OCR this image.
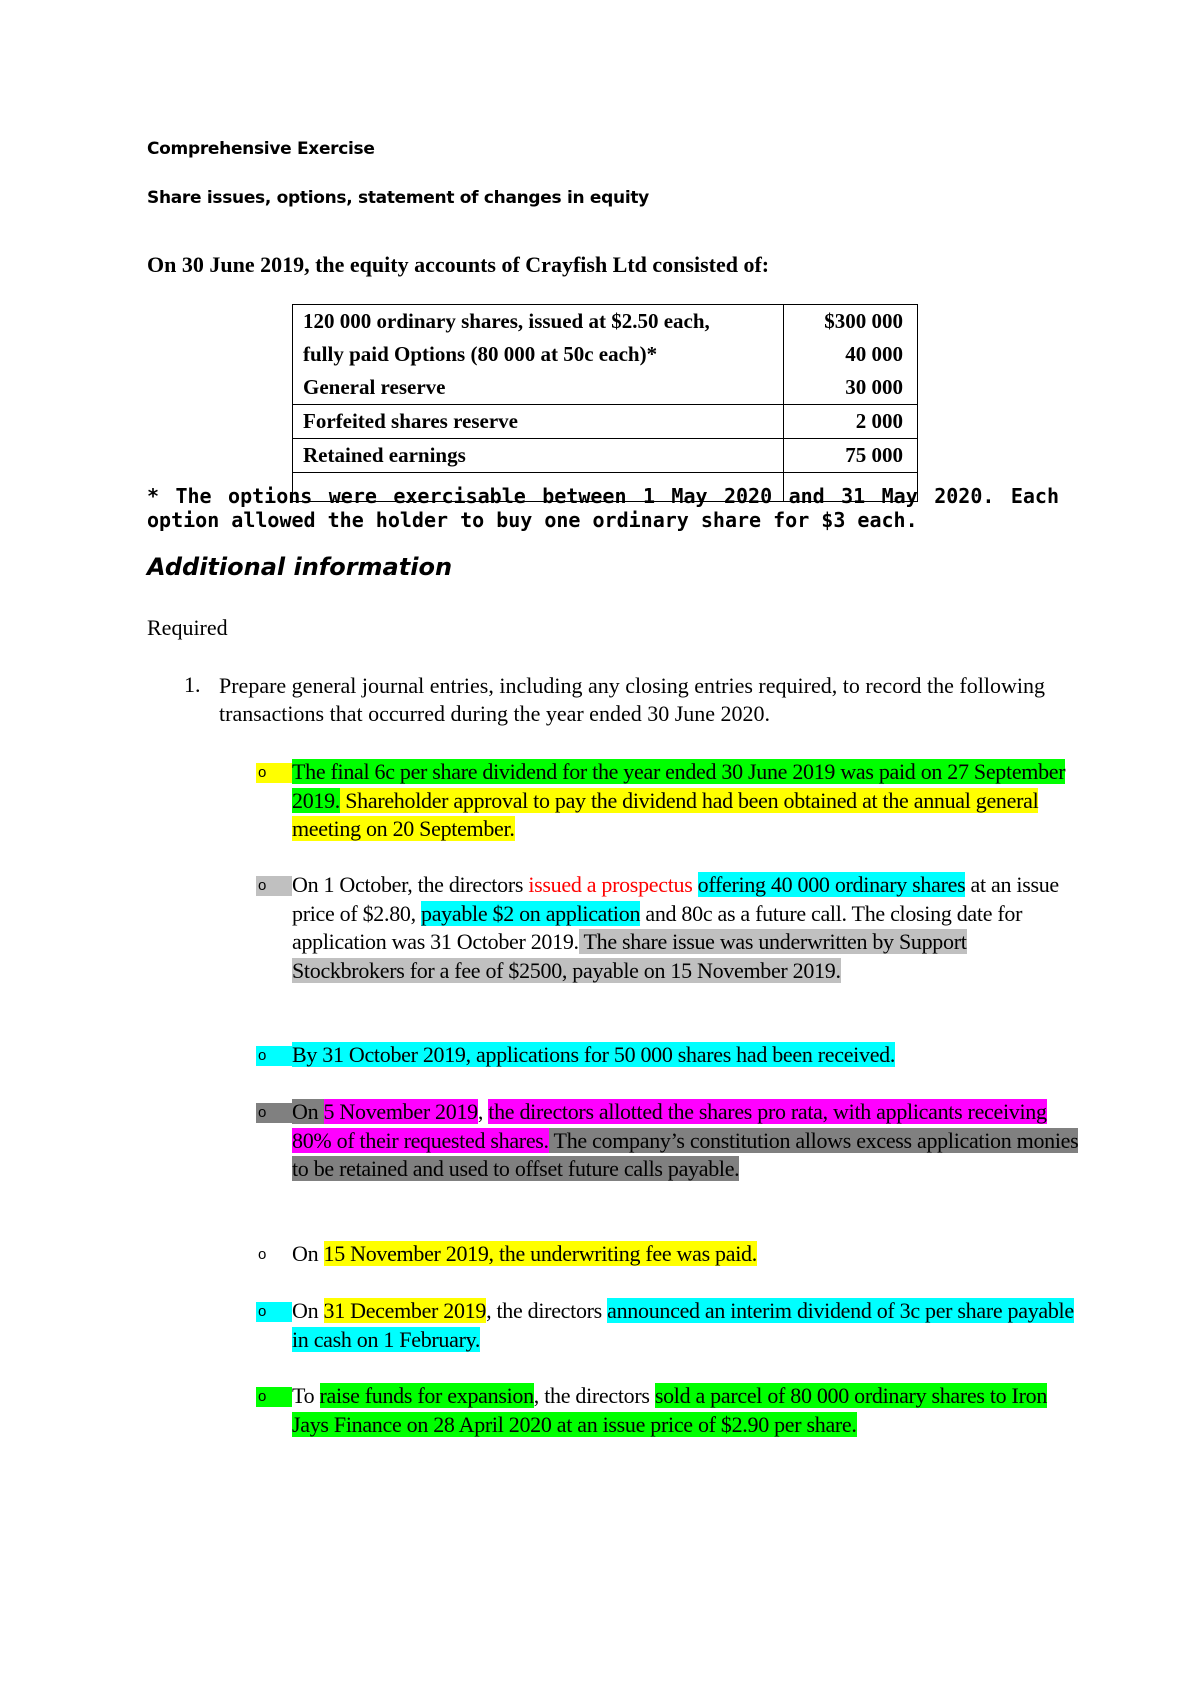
Comprehensive Exercise
Share issues, options, statement of changes in equity
On 30 June 2019, the equity accounts of Crayfish Ltd consisted of:
120 000 ordinary shares, issued at $2.50 each,	$300 000
fully paid Options (80 000 at 50c each)*	40 000
General reserve	30 000
Forfeited shares reserve	2 000
Retained earnings	75 000

* The options were exercisable between 1 May 2020 and 31 May 2020. Each option allowed the holder to buy one ordinary share for $3 each.
Additional information
Required
1. Prepare general journal entries, including any closing entries required, to record the following transactions that occurred during the year ended 30 June 2020.
o	The final 6c per share dividend for the year ended 30 June 2019 was paid on 27 September 2019. Shareholder approval to pay the dividend had been obtained at the annual general meeting on 20 September.
o	On 1 October, the directors issued a prospectus offering 40 000 ordinary shares at an issue price of $2.80, payable $2 on application and 80c as a future call. The closing date for application was 31 October 2019. The share issue was underwritten by Support Stockbrokers for a fee of $2500, payable on 15 November 2019.
o	By 31 October 2019, applications for 50 000 shares had been received.
o	On 5 November 2019, the directors allotted the shares pro rata, with applicants receiving 80% of their requested shares. The company’s constitution allows excess application monies to be retained and used to offset future calls payable.
o	On 15 November 2019, the underwriting fee was paid.
o	On 31 December 2019, the directors announced an interim dividend of 3c per share payable in cash on 1 February.
o	To raise funds for expansion, the directors sold a parcel of 80 000 ordinary shares to Iron Jays Finance on 28 April 2020 at an issue price of $2.90 per share.
